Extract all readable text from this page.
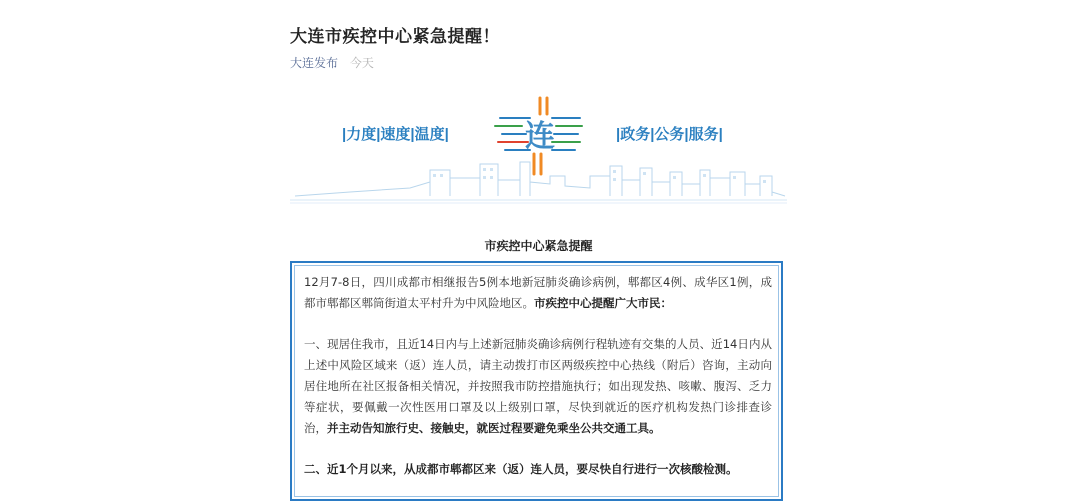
大连市疾控中心紧急提醒！
大连发布 今天
|力度|速度|温度|	|政务|公务|服务|
连
市疾控中心紧急提醒

12月7-8日，四川成都市相继报告5例本地新冠肺炎确诊病例，郫都区4例、成华区1例，成都市郫都区郫筒街道太平村升为中风险地区。市疾控中心提醒广大市民：

一、现居住我市，且近14日内与上述新冠肺炎确诊病例行程轨迹有交集的人员、近14日内从上述中风险区域来（返）连人员，请主动拨打市区两级疾控中心热线（附后）咨询，主动向居住地所在社区报备相关情况，并按照我市防控措施执行；如出现发热、咳嗽、腹泻、乏力等症状，要佩戴一次性医用口罩及以上级别口罩，尽快到就近的医疗机构发热门诊排查诊治，并主动告知旅行史、接触史，就医过程要避免乘坐公共交通工具。

二、近1个月以来，从成都市郫都区来（返）连人员，要尽快自行进行一次核酸检测。
